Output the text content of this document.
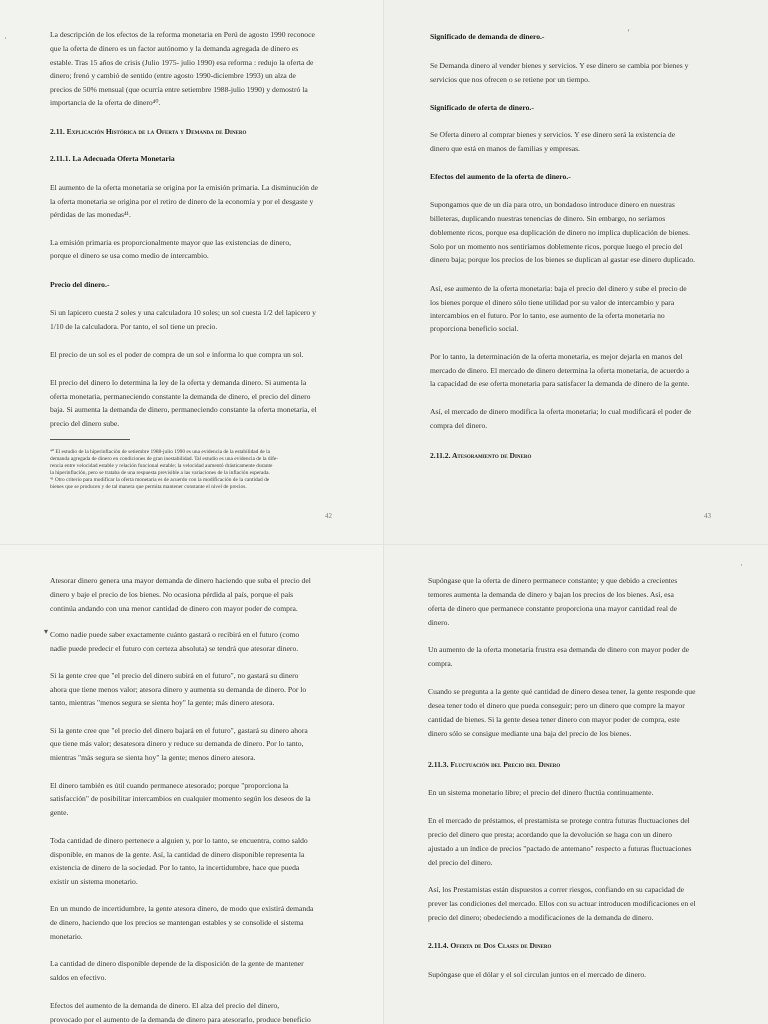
42
·	La descripción de los efectos de la reforma monetaria en Perú de agosto 1990 reconoce
que la oferta de dinero es un factor autónomo y la demanda agregada de dinero es
estable. Tras 15 años de crisis (Julio 1975- julio 1990) esa reforma : redujo la oferta de
dinero; frenó y cambió de sentido (entre agosto 1990-diciembre 1993) un alza de
precios de 50% mensual (que ocurría entre setiembre 1988-julio 1990) y demostró la
importancia de la oferta de dinero⁴⁰.
2.11. Explicación Histórica de la Oferta y Demanda de Dinero
2.11.1. La Adecuada Oferta Monetaria
El aumento de la oferta monetaria se origina por la emisión primaria. La disminución de
la oferta monetaria se origina por el retiro de dinero de la economía y por el desgaste y
pérdidas de las monedas⁴¹.
La emisión primaria es proporcionalmente mayor que las existencias de dinero,
porque el dinero se usa como medio de intercambio.
Precio del dinero.-
Si un lapicero cuesta 2 soles y una calculadora 10 soles; un sol cuesta 1/2 del lapicero y
1/10 de la calculadora. Por tanto, el sol tiene un precio.
El precio de un sol es el poder de compra de un sol e informa lo que compra un sol.
El precio del dinero lo determina la ley de la oferta y demanda dinero. Si aumenta la
oferta monetaria, permaneciendo constante la demanda de dinero, el precio del dinero
baja. Si aumenta la demanda de dinero, permaneciendo constante la oferta monetaria, el
precio del dinero sube.
⁴⁰ El estudio de la hiperinflación de setiembre 1988-julio 1990 es una evidencia de la estabilidad de la
demanda agregada de dinero en condiciones de gran inestabilidad. Tal estudio es una evidencia de la dife-
rencia entre velocidad estable y relación funcional estable; la velocidad aumentó drásticamente durante
la hiperinflación, pero se trataba de una respuesta previsible a las variaciones de la inflación esperada.
⁴¹ Otro criterio para modificar la oferta monetaria es de acuerdo con la modificación de la cantidad de
bienes que se producen y de tal manera que permita mantener constante el nivel de precios.
43
'
Significado de demanda de dinero.-
Se Demanda dinero al vender bienes y servicios. Y ese dinero se cambia por bienes y
servicios que nos ofrecen o se retiene por un tiempo.
Significado de oferta de dinero.-
Se Oferta dinero al comprar bienes y servicios. Y ese dinero será la existencia de
dinero que está en manos de familias y empresas.
Efectos del aumento de la oferta de dinero.-
Supongamos que de un día para otro, un bondadoso introduce dinero en nuestras
billeteras, duplicando nuestras tenencias de dinero. Sin embargo, no seríamos
doblemente ricos, porque esa duplicación de dinero no implica duplicación de bienes.
Solo por un momento nos sentiríamos doblemente ricos, porque luego el precio del
dinero baja; porque los precios de los bienes se duplican al gastar ese dinero duplicado.
Así, ese aumento de la oferta monetaria: baja el precio del dinero y sube el precio de
los bienes porque el dinero sólo tiene utilidad por su valor de intercambio y para
intercambios en el futuro. Por lo tanto, ese aumento de la oferta monetaria no
proporciona beneficio social.
Por lo tanto, la determinación de la oferta monetaria, es mejor dejarla en manos del
mercado de dinero. El mercado de dinero determina la oferta monetaria, de acuerdo a
la capacidad de ese oferta monetaria para satisfacer la demanda de dinero de la gente.
Así, el mercado de dinero modifica la oferta monetaria; lo cual modificará el poder de
compra del dinero.
2.11.2. Atesoramiento de Dinero
▾
Atesorar dinero genera una mayor demanda de dinero haciendo que suba el precio del
dinero y baje el precio de los bienes. No ocasiona pérdida al país, porque el país
continúa andando con una menor cantidad de dinero con mayor poder de compra.
Como nadie puede saber exactamente cuánto gastará o recibirá en el futuro (como
nadie puede predecir el futuro con certeza absoluta) se tendrá que atesorar dinero.
Si la gente cree que "el precio del dinero subirá en el futuro", no gastará su dinero
ahora que tiene menos valor; atesora dinero y aumenta su demanda de dinero. Por lo
tanto, mientras "menos segura se sienta hoy" la gente; más dinero atesora.
Si la gente cree que "el precio del dinero bajará en el futuro", gastará su dinero ahora
que tiene más valor; desatesora dinero y reduce su demanda de dinero. Por lo tanto,
mientras "más segura se sienta hoy" la gente; menos dinero atesora.
El dinero también es útil cuando permanece atesorado; porque "proporciona la
satisfacción" de posibilitar intercambios en cualquier momento según los deseos de la
gente.
Toda cantidad de dinero pertenece a alguien y, por lo tanto, se encuentra, como saldo
disponible, en manos de la gente. Así, la cantidad de dinero disponible representa la
existencia de dinero de la sociedad. Por lo tanto, la incertidumbre, hace que pueda
existir un sistema monetario.
En un mundo de incertidumbre, la gente atesora dinero, de modo que existirá demanda
de dinero, haciendo que los precios se mantengan estables y se consolide el sistema
monetario.
La cantidad de dinero disponible depende de la disposición de la gente de mantener
saldos en efectivo.
Efectos del aumento de la demanda de dinero. El alza del precio del dinero,
provocado por el aumento de la demanda de dinero para atesorarlo, produce beneficio
·
Supóngase que la oferta de dinero permanece constante; y que debido a crecientes
temores aumenta la demanda de dinero y bajan los precios de los bienes. Así, esa
oferta de dinero que permanece constante proporciona una mayor cantidad real de
dinero.
Un aumento de la oferta monetaria frustra esa demanda de dinero con mayor poder de
compra.
Cuando se pregunta a la gente qué cantidad de dinero desea tener, la gente responde que
desea tener todo el dinero que pueda conseguir; pero un dinero que compre la mayor
cantidad de bienes. Si la gente desea tener dinero con mayor poder de compra, este
dinero sólo se consigue mediante una baja del precio de los bienes.
2.11.3. Fluctuación del Precio del Dinero
En un sistema monetario libre; el precio del dinero fluctúa continuamente.
En el mercado de préstamos, el prestamista se protege contra futuras fluctuaciones del
precio del dinero que presta; acordando que la devolución se haga con un dinero
ajustado a un índice de precios "pactado de antemano" respecto a futuras fluctuaciones
del precio del dinero.
Así, los Prestamistas están dispuestos a correr riesgos, confiando en su capacidad de
prever las condiciones del mercado. Ellos con su actuar introducen modificaciones en el
precio del dinero; obedeciendo a modificaciones de la demanda de dinero.
2.11.4. Oferta de Dos Clases de Dinero
Supóngase que el dólar y el sol circulan juntos en el mercado de dinero.
